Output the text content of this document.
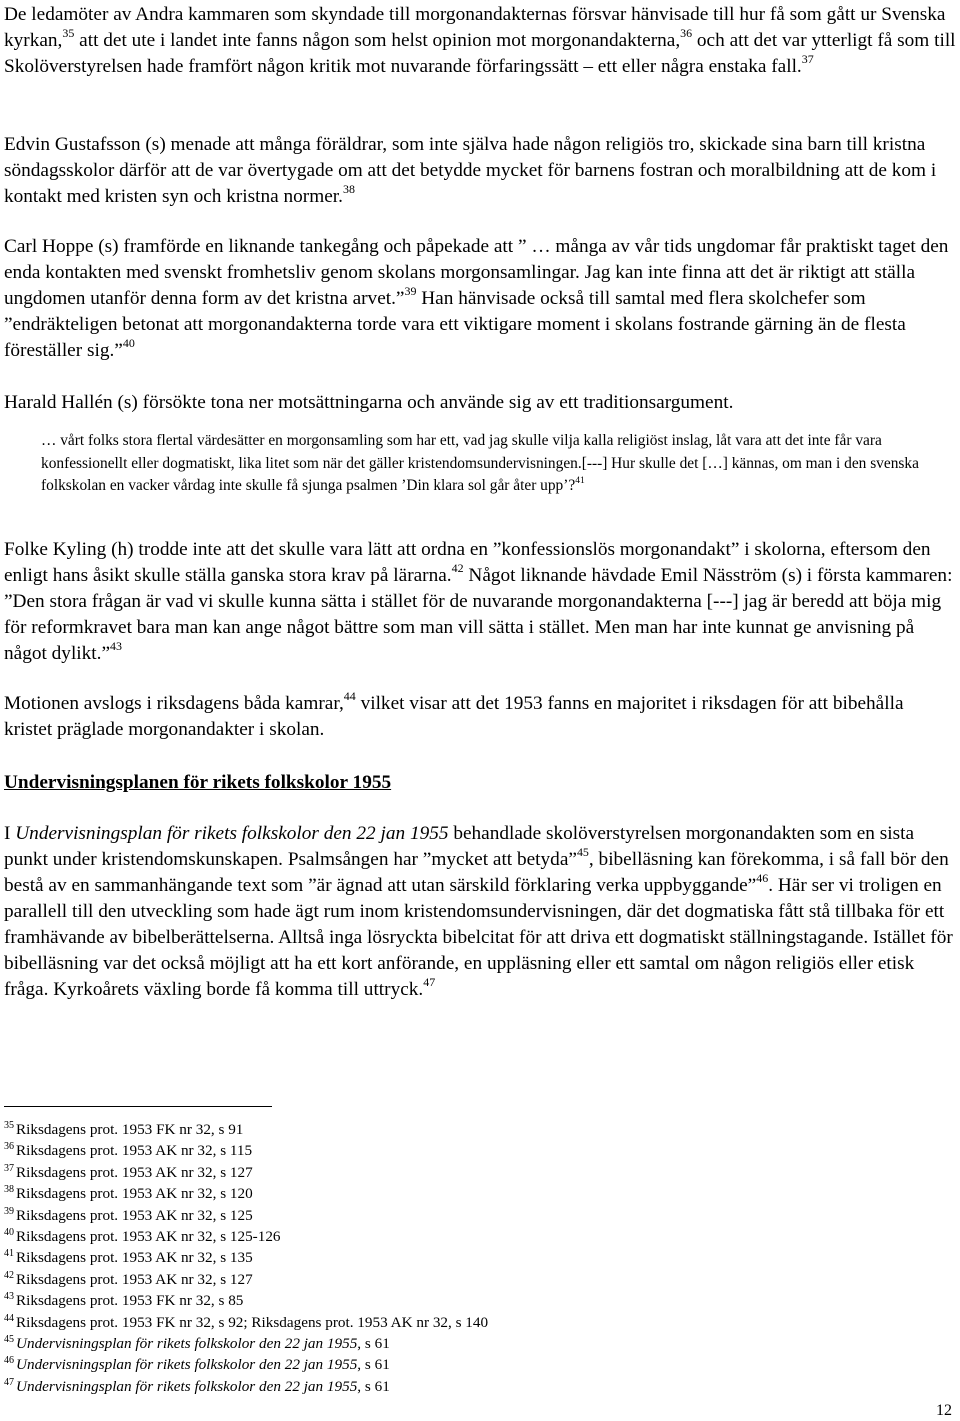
De ledamöter av Andra kammaren som skyndade till morgonandakternas försvar hänvisade till hur få som gått ur Svenska kyrkan,$^{35}$ att det ute i landet inte fanns någon som helst opinion mot morgonandakterna,$^{36}$ och att det var ytterligt få som till Skolöverstyrelsen hade framfört någon kritik mot nuvarande förfaringssätt – ett eller några enstaka fall.$^{37}$

Edvin Gustafsson (s) menade att många föräldrar, som inte själva hade någon religiös tro, skickade sina barn till kristna söndagsskolor därför att de var övertygade om att det betydde mycket för barnens fostran och moralbildning att de kom i kontakt med kristen syn och kristna normer.$^{38}$

Carl Hoppe (s) framförde en liknande tankegång och påpekade att ” … många av vår tids ungdomar får praktiskt taget den enda kontakten med svenskt fromhetsliv genom skolans morgonsamlingar. Jag kan inte finna att det är riktigt att ställa ungdomen utanför denna form av det kristna arvet.”$^{39}$ Han hänvisade också till samtal med flera skolchefer som ”endräkteligen betonat att morgonandakterna torde vara ett viktigare moment i skolans fostrande gärning än de flesta föreställer sig.”$^{40}$

Harald Hallén (s) försökte tona ner motsättningarna och använde sig av ett traditionsargument.

… vårt folks stora flertal värdesätter en morgonsamling som har ett, vad jag skulle vilja kalla religiöst inslag, låt vara att det inte får vara konfessionellt eller dogmatiskt, lika litet som när det gäller kristendomsundervisningen.[---] Hur skulle det […] kännas, om man i den svenska folkskolan en vacker vårdag inte skulle få sjunga psalmen ’Din klara sol går åter upp’?$^{41}$

Folke Kyling (h) trodde inte att det skulle vara lätt att ordna en ”konfessionslös morgonandakt” i skolorna, eftersom den enligt hans åsikt skulle ställa ganska stora krav på lärarna.$^{42}$ Något liknande hävdade Emil Näsström (s) i första kammaren: ”Den stora frågan är vad vi skulle kunna sätta i stället för de nuvarande morgonandakterna [---] jag är beredd att böja mig för reformkravet bara man kan ange något bättre som man vill sätta i stället. Men man har inte kunnat ge anvisning på något dylikt.”$^{43}$

Motionen avslogs i riksdagens båda kamrar,$^{44}$ vilket visar att det 1953 fanns en majoritet i riksdagen för att bibehålla kristet präglade morgonandakter i skolan.

Undervisningsplanen för rikets folkskolor 1955

I Undervisningsplan för rikets folkskolor den 22 jan 1955 behandlade skolöverstyrelsen morgonandakten som en sista punkt under kristendomskunskapen. Psalmsången har ”mycket att betyda”$^{45}$, bibelläsning kan förekomma, i så fall bör den bestå av en sammanhängande text som ”är ägnad att utan särskild förklaring verka uppbyggande”$^{46}$. Här ser vi troligen en parallell till den utveckling som hade ägt rum inom kristendomsundervisningen, där det dogmatiska fått stå tillbaka för ett framhävande av bibelberättelserna. Alltså inga lösryckta bibelcitat för att driva ett dogmatiskt ställningstagande. Istället för bibelläsning var det också möjligt att ha ett kort anförande, en uppläsning eller ett samtal om någon religiös eller etisk fråga. Kyrkoårets växling borde få komma till uttryck.$^{47}$

$^{35}$ Riksdagens prot. 1953 FK nr 32, s 91
$^{36}$ Riksdagens prot. 1953 AK nr 32, s 115
$^{37}$ Riksdagens prot. 1953 AK nr 32, s 127
$^{38}$ Riksdagens prot. 1953 AK nr 32, s 120
$^{39}$ Riksdagens prot. 1953 AK nr 32, s 125
$^{40}$ Riksdagens prot. 1953 AK nr 32, s 125-126
$^{41}$ Riksdagens prot. 1953 AK nr 32, s 135
$^{42}$ Riksdagens prot. 1953 AK nr 32, s 127
$^{43}$ Riksdagens prot. 1953 FK nr 32, s 85
$^{44}$ Riksdagens prot. 1953 FK nr 32, s 92; Riksdagens prot. 1953 AK nr 32, s 140
$^{45}$ Undervisningsplan för rikets folkskolor den 22 jan 1955, s 61
$^{46}$ Undervisningsplan för rikets folkskolor den 22 jan 1955, s 61
$^{47}$ Undervisningsplan för rikets folkskolor den 22 jan 1955, s 61
12
